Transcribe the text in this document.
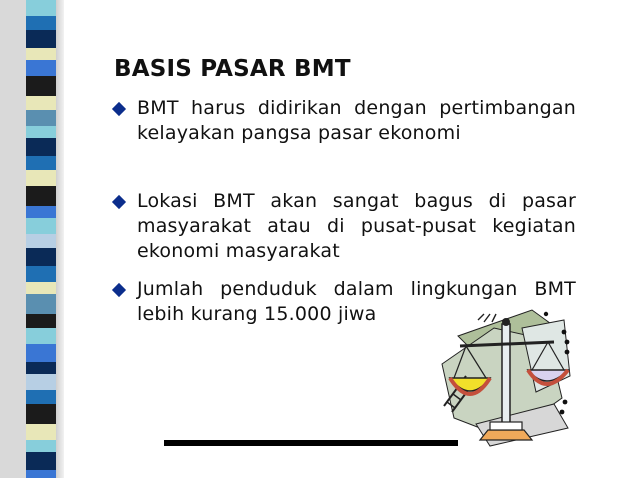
BASIS PASAR BMT
BMT harus didirikan dengan pertimbangan kelayakan pangsa pasar ekonomi
Lokasi BMT akan sangat bagus di pasar masyarakat atau di pusat-pusat kegiatan ekonomi masyarakat
Jumlah penduduk dalam lingkungan BMT lebih kurang 15.000 jiwa
